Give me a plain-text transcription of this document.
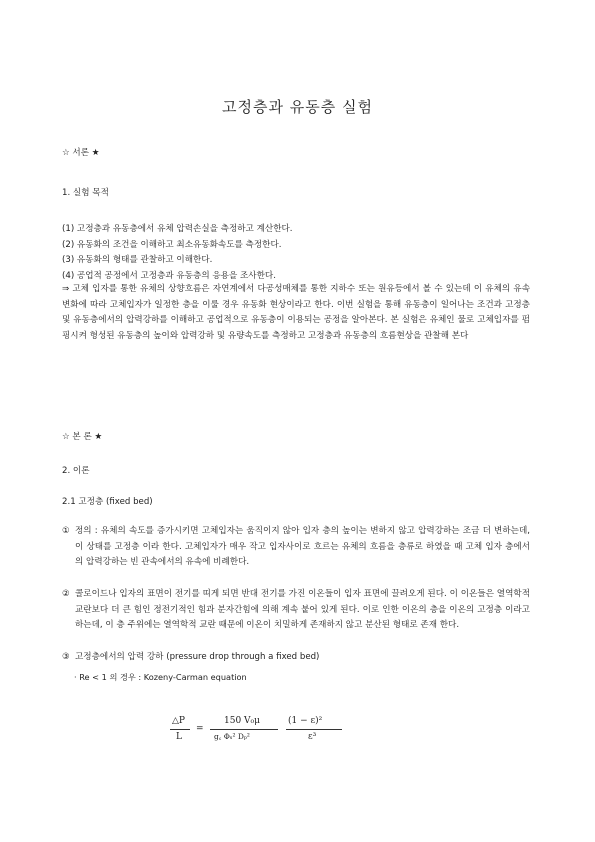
고정층과 유동층 실험
☆ 서론 ★
1. 실험 목적
(1) 고정층과 유동층에서 유체 압력손실을 측정하고 계산한다.
(2) 유동화의 조건을 이해하고 최소유동화속도를 측정한다.
(3) 유동화의 형태를 관찰하고 이해한다.
(4) 공업적 공정에서 고정층과 유동층의 응용을 조사한다.
⇒ 고체 입자를 통한 유체의 상향흐름은 자연계에서 다공성매체를 통한 지하수 또는 원유등에서 볼 수 있는데 이 유체의 유속변화에 따라 고체입자가 일정한 층을 이룰 경우 유동화 현상이라고 한다. 이번 실험을 통해 유동층이 일어나는 조건과 고정층 및 유동층에서의 압력강하를 이해하고 공업적으로 유동층이 이용되는 공정을 알아본다. 본 실험은 유체인 물로 고체입자를 펌핑시켜 형성된 유동층의 높이와 압력강하 및 유량속도를 측정하고 고정층과 유동층의 흐름현상을 관찰해 본다
☆ 본 론 ★
2. 이론
2.1 고정층 (fixed bed)
① 정의 : 유체의 속도를 증가시키면 고체입자는 움직이지 않아 입자 층의 높이는 변하지 않고 압력강하는 조금 더 변하는데, 이 상태를 고정층 이라 한다. 고체입자가 매우 작고 입자사이로 흐르는 유체의 흐름을 층류로 하였을 때 고체 입자 층에서의 압력강하는 빈 관속에서의 유속에 비례한다.
② 콜로이드나 입자의 표면이 전기를 띠게 되면 반대 전기를 가진 이온들이 입자 표면에 끌려오게 된다. 이 이온들은 열역학적 교란보다 더 큰 힘인 정전기적인 힘과 분자간힘에 의해 계속 붙어 있게 된다. 이로 인한 이온의 층을 이온의 고정층 이라고 하는데, 이 층 주위에는 열역학적 교란 때문에 이온이 치밀하게 존재하지 않고 분산된 형태로 존재 한다.
③ 고정층에서의 압력 강하 (pressure drop through a fixed bed)
· Re < 1 의 경우 : Kozeny-Carman equation
△P
L
=
150 V₀μ
g꜀ Φₛ² Dₚ²
(1 − ε)²
ε³
